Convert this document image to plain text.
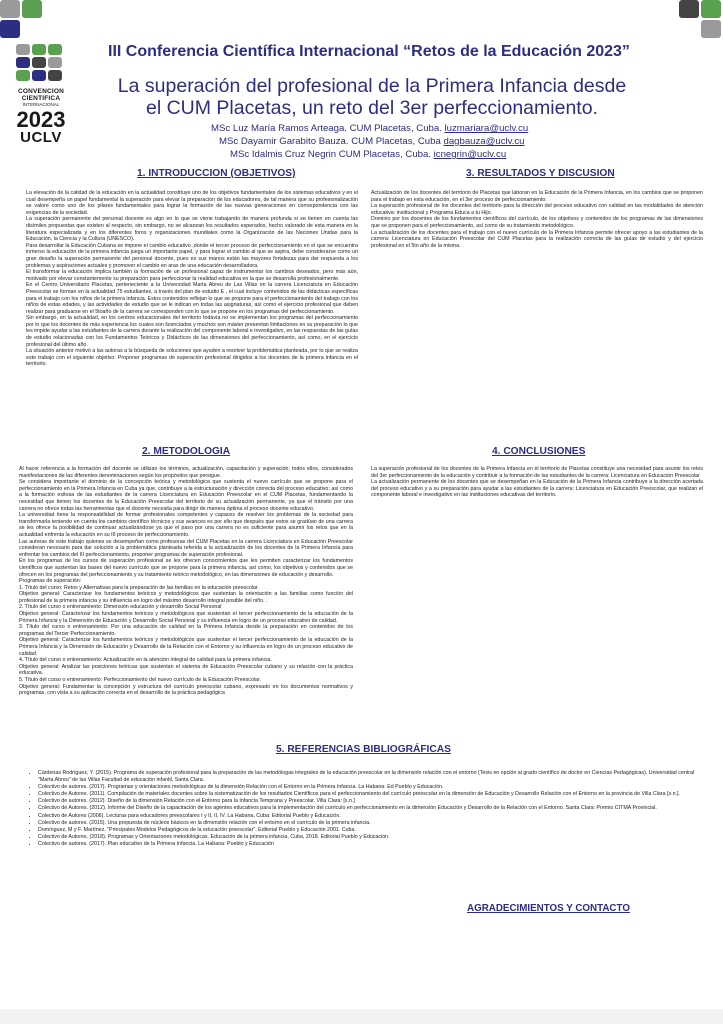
CONVENCION
CIENTIFICA
INTERNACIONAL
2023
UCLV
III Conferencia Científica Internacional “Retos de la Educación 2023”
La superación del profesional de la Primera Infancia desde
el CUM Placetas, un reto del 3er perfeccionamiento.
MSc Luz María Ramos Arteaga. CUM Placetas, Cuba. luzmariara@uclv.cu
MSc Dayamir Garabito Bauza. CUM Placetas, Cuba dagbauza@uclv.cu
MSc Idalmis Cruz Negrin CUM Placetas, Cuba. icnegrin@uclv.cu
1. INTRODUCCION (OBJETIVOS)

La elevación de la calidad de la educación en la actualidad constituye uno de los objetivos fundamentales de los sistemas educativos y en el cual desempeña un papel fundamental la superación para elevar la preparación de los educadores, de tal manera que su profesionalización se valore como uno de los pilares fundamentales para lograr la formación de las nuevas generaciones en correspondencia con las exigencias de la sociedad.

La superación permanente del personal docente es algo en lo que se viene trabajando de manera profunda si se tienen en cuenta las disímiles propuestas que existen al respecto, sin embargo, no se alcanzan los resultados esperados, hecho valorado de esta manera en la literatura especializada y en los diferentes foros y organizaciones mundiales como la Organización de las Naciones Unidas para la Educación, la Ciencia y la Cultura (UNESCO).

Para desarrollar la Educación Cubana se impone el cambio educativo ,donde el tercer proceso de perfeccionamiento en el que se encuentra inmerso la educación de la primera infancia juega un importante papel, y para lograr el cambio al que se aspira, debe considerarse como un gran desafío la superación permanente del personal docente, pues es sus manos están las mayores fortalezas para dar respuesta a los problemas y aspiraciones actuales y promover el cambio en aras de una educación desarrolladora.

El transformar la educación implica también la formación de un profesional capaz de instrumentar los cambios deseados, pero más aún, motivado por elevar constantemente su preparación para perfeccionar la realidad educativa en la que se desarrolla profesionalmente.

En el Centro Universitario Placetas, perteneciente a la Universidad Marta Abreu de Las Villas en la carrera Licenciatura en Educación Preescolar se forman en la actualidad 75 estudiantes, a través del plan de estudio E , el cual incluye contenidos de las didácticas específicas para el trabajo con los niños de la primera infancia. Estos contenidos reflejan lo que se propone para el perfeccionamiento del trabajo con los niños de estas edades, y las actividades de estudio que se le indican en todas las asignaturas, así como el ejercicio profesional que deben realizar para graduarse en el 5toaño de la carrera se corresponden con lo que se propone en los programas del perfeccionamiento.

Sin embargo, en la actualidad, en los centros educacionales del territorio todavía no se implementan los programas del perfeccionamiento por lo que los docentes de más experiencia los cuales son licenciados y muchos son máster presentan limitaciones en su preparación lo que les impide ayudar a las estudiantes de la carrera durante la realización del componente laboral e investigativo, en las respuestas de las guías de estudio relacionadas con los Fundamentos Teóricos y Didácticos de las dimensiones del perfeccionamiento, así como, en el ejercicio profesional del último año.

La situación anterior motivó a las autoras a la búsqueda de soluciones que ayuden a resolver la problemática planteada, por lo que se realiza este trabajo con el siguiente objetivo: Proponer programas de superación profesional dirigidos a los docentes de la primera infancia en el territorio.

3. RESULTADOS Y DISCUSION

Actualización de los docentes del territorio de Placetas que laboran en la Educación de la Primera Infancia, en los cambios que se proponen para el trabajo en esta educación, en el 3er proceso de perfeccionamiento.

La superación profesional de los docentes del territorio para la dirección del proceso educativo con calidad en las modalidades de atención educativa: institucional y Programa Educa a tu Hijo.

Dominio por los docentes de los fundamentos científicos del currículo, de los objetivos y contenidos de los programas de las dimensiones que se proponen para el perfeccionamiento, así como de su tratamiento metodológico.

La actualización de los docentes para el trabajo con el nuevo currículo de la Primera Infancia permite ofrecer apoyo a las estudiantes de la carrera: Licenciatura en Educación Preescolar del CUM Placetas para la realización correcta de las guías de estudio y del ejercicio profesional en el 5to año de la misma.

2. METODOLOGIA

Al hacer referencia a la formación del docente se utilizan los términos, actualización, capacitación y superación; todos ellos, considerados manifestaciones de las diferentes denominaciones según los propósitos que persigue.

Se considera importante el dominio de la concepción teórica y metodológica que sustenta el nuevo currículo que se propone para el perfeccionamiento en la Primera Infancia en Cuba ya que, contribuye a la estructuración y dirección correcta del proceso educativo; así como a la formación exitosa de las estudiantes de la carrera Licenciatura en Educación Preescolar en el CUM Placetas, fundamentando la necesidad que tienen los docentes de la Educación Preescolar del territorio de su actualización permanente, ya que el tránsito por una carrera no ofrece todas las herramientas que el docente necesita para dirigir de manera óptima el proceso docente educativo.

La universidad tiene la responsabilidad de formar profesionales competentes y capaces de resolver los problemas de la sociedad para transformarla teniendo en cuenta los cambios científico técnicos y sus avances es por ello que después que estos se gradúan de una carrera se les ofrece la posibilidad de continuar actualizándose ya que el paso por una carrera no es suficiente para asumir los retos que en la actualidad enfrenta la educación en su III proceso de perfeccionamiento.

Las autoras de este trabajo quienes se desempeñan como profesoras del CUM Placetas en la carrera Licenciatura en Educación Preescolar consideran necesario para dar solución a la problemática planteada referida a la actualización de los docentes de la Primera Infancia para enfrentar los cambios del III perfeccionamiento, proponer programas de superación profesional.

En los programas de los cursos de superación profesional se les ofrecen conocimientos que les permiten caracterizar los fundamentos científicos que sustentan las bases del nuevo currículo que se propone para la primera infancia, así como, los objetivos y contenidos que se ofrecen en los programas del perfeccionamiento y su tratamiento teórico metodológico, en las dimensiones de educación y desarrollo.

Programas de superación:

1. Título del curso: Retos y Alternativas para la preparación de las familias en la educación preescolar.

Objetivo general: Caracterizar los fundamentos teóricos y metodológicos que sustentan la orientación a las familias como función del profesional de la primera infancia y su influencia en logro del máximo desarrollo integral posible del niño. .

2. Título del curso o entrenamiento: Dimensión educación y desarrollo Social Personal

Objetivo general: Caracterizar los fundamentos teóricos y metodológicos que sustentan el tercer perfeccionamiento de la educación de la Primera Infancia y la Dimensión de Educación y Desarrollo Social Personal y su influencia en logro de un proceso educativo de calidad.

3. Título del curso o entrenamiento: Por una educación de calidad en la Primera Infancia desde la preparación en contenidos de los programas del Tercer Perfeccionamiento.

Objetivo general: Caracterizar los fundamentos teóricos y metodológicos que sustentan el tercer perfeccionamiento de la educación de la Primera Infancia y la Dimensión de Educación y Desarrollo de la Relación con el Entorno y su influencia en logro de un proceso educativo de calidad.

4. Título del curso o entrenamiento: Actualización en la atención integral de calidad para la primera infancia.

Objetivo general: Analizar las posiciones teóricas que sustentan el sistema de Educación Preescolar cubano y su relación con la práctica educativa.

5. Título del curso o entrenamiento: Perfeccionamiento del nuevo currículo de la Educación Preescolar.

Objetivo general: Fundamentar la concepción y estructura del currículo preescolar cubano, expresado en los documentos normativos y programas, con vista a su aplicación correcta en el desarrollo de la práctica pedagógica

4. CONCLUSIONES

La superación profesional de los docentes de la Primera Infancia en el territorio de Placetas constituye una necesidad para asumir los retos del 3er perfeccionamiento de la educación y contribuir a la formación de las estudiantes de la carrera: Licenciatura en Educación Preescolar

La actualización permanente de los docentes que se desempeñan en la Educación de la Primera Infancia contribuye a la dirección acertada del proceso educativo y a su preparación para ayudar a las estudiantes de la carrera: Licenciatura en Educación Preescolar, que realizan el componente laboral e investigativo en las instituciones educativas del territorio.

5. REFERENCIAS BIBLIOGRÁFICAS
• Cárdenas Rodríguez, Y. (2015). Programa de superación profesional para la preparación de las metodólogas integrales de la educación preescolar en la dimensión relación con el entorno (Tesis en opción al grado científico de doctor en Ciencias Pedagógicas). Universidad central "Marta Abreu" de las Villas Facultad de educación infantil, Santa Clara.
• Colectivo de autores. (2017). Programas y orientaciones metodológicas de la dimensión Relación con el Entorno en la Primera Infancia. La Habana: Ed Pueblo y Educación.
• Colectivo de Autores. (2011). Compilación de materiales docentes sobre la sistematización de los resultados Científicos para el perfeccionamiento del currículo preescolar en la dimensión de Educación y Desarrollo Relación con el Entorno en la provincia de Villa Clara [s.n.].
• Colectivo de autores. (2012). Diseño de la dimensión Relación con el Entorno para la Infancia Temprana y Preescolar. Villa Clara: [s.n.]
• Colectivo de Autores. (2012). Informe del Diseño de la capacitación de los agentes educativos para la implementación del currículo en perfeccionamiento en la dimensión Educación y Desarrollo de la Relación con el Entorno. Santa Clara: Premio CITMA Provincial.
• Colectivo de Autores (2006). Lecturas para educadores preescolares I y II, II, IV. La Habana, Cuba: Editorial Pueblo y Educación.
• Colectivo de autores. (2015). Una propuesta de núcleos básicos en la dimensión relación con el entorno en el currículo de la primera infancia.
• Domínguez, M y F. Martínez. "Principales Modelos Pedagógicos de la educación preescolar". Editorial Pueblo y Educación 2001. Cuba.
• Colectivo de Autores. (2018). Programas y Orientaciones metodológicas. Educación de la primera infancia, Cuba, 2018. Editorial Pueblo y Educación.
• Colectivo de autores. (2017). Plan educativo de la Primera Infancia. La Habana: Pueblo y Educación
AGRADECIMIENTOS Y CONTACTO
